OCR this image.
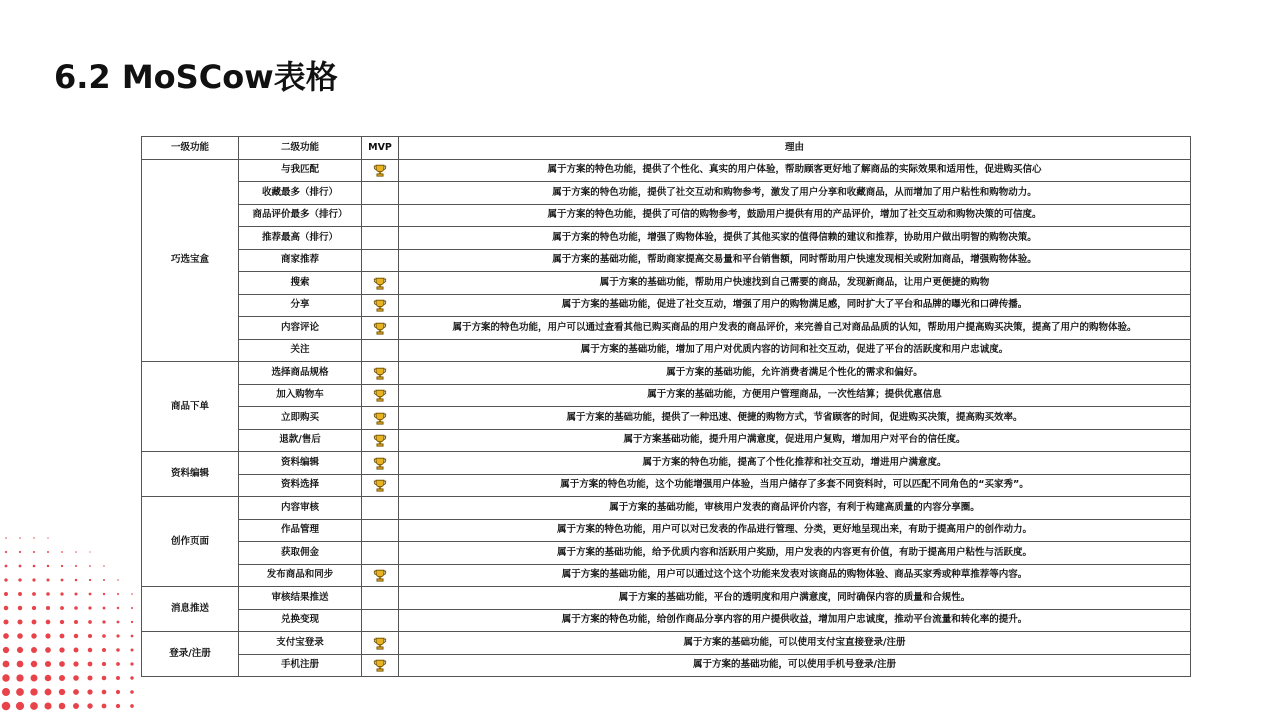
6.2 MoSCow表格
一级功能	二级功能	MVP	理由
巧选宝盒	与我匹配		属于方案的特色功能，提供了个性化、真实的用户体验，帮助顾客更好地了解商品的实际效果和适用性，促进购买信心
	收藏最多（排行）		属于方案的特色功能，提供了社交互动和购物参考，激发了用户分享和收藏商品，从而增加了用户粘性和购物动力。
	商品评价最多（排行）		属于方案的特色功能，提供了可信的购物参考，鼓励用户提供有用的产品评价，增加了社交互动和购物决策的可信度。
	推荐最高（排行）		属于方案的特色功能，增强了购物体验，提供了其他买家的值得信赖的建议和推荐，协助用户做出明智的购物决策。
	商家推荐		属于方案的基础功能，帮助商家提高交易量和平台销售额，同时帮助用户快速发现相关或附加商品，增强购物体验。
	搜索		属于方案的基础功能，帮助用户快速找到自己需要的商品，发现新商品，让用户更便捷的购物
	分享		属于方案的基础功能，促进了社交互动，增强了用户的购物满足感，同时扩大了平台和品牌的曝光和口碑传播。
	内容评论		属于方案的特色功能，用户可以通过查看其他已购买商品的用户发表的商品评价，来完善自己对商品品质的认知，帮助用户提高购买决策，提高了用户的购物体验。
	关注		属于方案的基础功能，增加了用户对优质内容的访问和社交互动，促进了平台的活跃度和用户忠诚度。
商品下单	选择商品规格		属于方案的基础功能，允许消费者满足个性化的需求和偏好。
	加入购物车		属于方案的基础功能，方便用户管理商品，一次性结算；提供优惠信息
	立即购买		属于方案的基础功能，提供了一种迅速、便捷的购物方式，节省顾客的时间，促进购买决策，提高购买效率。
	退款/售后		属于方案基础功能，提升用户满意度，促进用户复购，增加用户对平台的信任度。
资料编辑	资料编辑		属于方案的特色功能，提高了个性化推荐和社交互动，增进用户满意度。
	资料选择		属于方案的特色功能，这个功能增强用户体验，当用户储存了多套不同资料时，可以匹配不同角色的“买家秀”。
创作页面	内容审核		属于方案的基础功能，审核用户发表的商品评价内容，有利于构建高质量的内容分享圈。
	作品管理		属于方案的特色功能，用户可以对已发表的作品进行管理、分类，更好地呈现出来，有助于提高用户的创作动力。
	获取佣金		属于方案的基础功能，给予优质内容和活跃用户奖励，用户发表的内容更有价值，有助于提高用户粘性与活跃度。
	发布商品和同步		属于方案的基础功能，用户可以通过这个这个功能来发表对该商品的购物体验、商品买家秀或种草推荐等内容。
消息推送	审核结果推送		属于方案的基础功能，平台的透明度和用户满意度，同时确保内容的质量和合规性。
	兑换变现		属于方案的特色功能，给创作商品分享内容的用户提供收益，增加用户忠诚度，推动平台流量和转化率的提升。
登录/注册	支付宝登录		属于方案的基础功能，可以使用支付宝直接登录/注册
	手机注册		属于方案的基础功能，可以使用手机号登录/注册
